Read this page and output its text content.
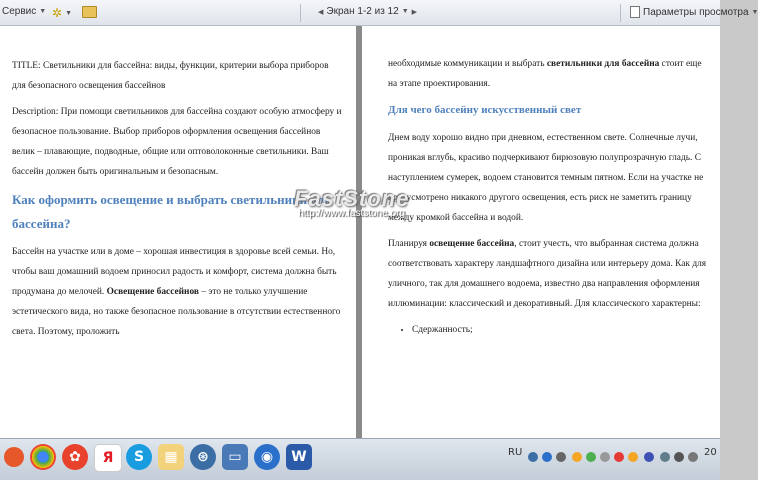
Сервис ▼ ✲ ▼	◀ Экран 1-2 из 12 ▼ ▶	Параметры просмотра ▼

TITLE: Светильники для бассейна: виды, функции, критерии выбора приборов для безопасного освещения бассейнов

Description: При помощи светильников для бассейна создают особую атмосферу и безопасное пользование. Выбор приборов оформления освещения бассейнов велик – плавающие, подводные, общие или оптоволоконные светильники. Ваш бассейн должен быть оригинальным и безопасным.

Как оформить освещение и выбрать светильники для бассейна?

Бассейн на участке или в доме – хорошая инвестиция в здоровье всей семьи. Но, чтобы ваш домашний водоем приносил радость и комфорт, система должна быть продумана до мелочей. Освещение бассейнов – это не только улучшение эстетического вида, но также безопасное пользование в отсутствии естественного света. Поэтому, проложить

необходимые коммуникации и выбрать светильники для бассейна стоит еще на этапе проектирования.

Для чего бассейну искусственный свет

Днем воду хорошо видно при дневном, естественном свете. Солнечные лучи, проникая вглубь, красиво подчеркивают бирюзовую полупрозрачную гладь. С наступлением сумерек, водоем становится темным пятном. Если на участке не предусмотрено никакого другого освещения, есть риск не заметить границу между кромкой бассейна и водой.

Планируя освещение бассейна, стоит учесть, что выбранная система должна соответствовать характеру ландшафтного дизайна или интерьеру дома. Как для уличного, так для домашнего водоема, известно два направления оформления иллюминации: классический и декоративный. Для классического характерны:

• Сдержанность;
FastStone
http://www.faststone.org
✿	Я	S	▦	⊛	▭	◉	W	RU	20
